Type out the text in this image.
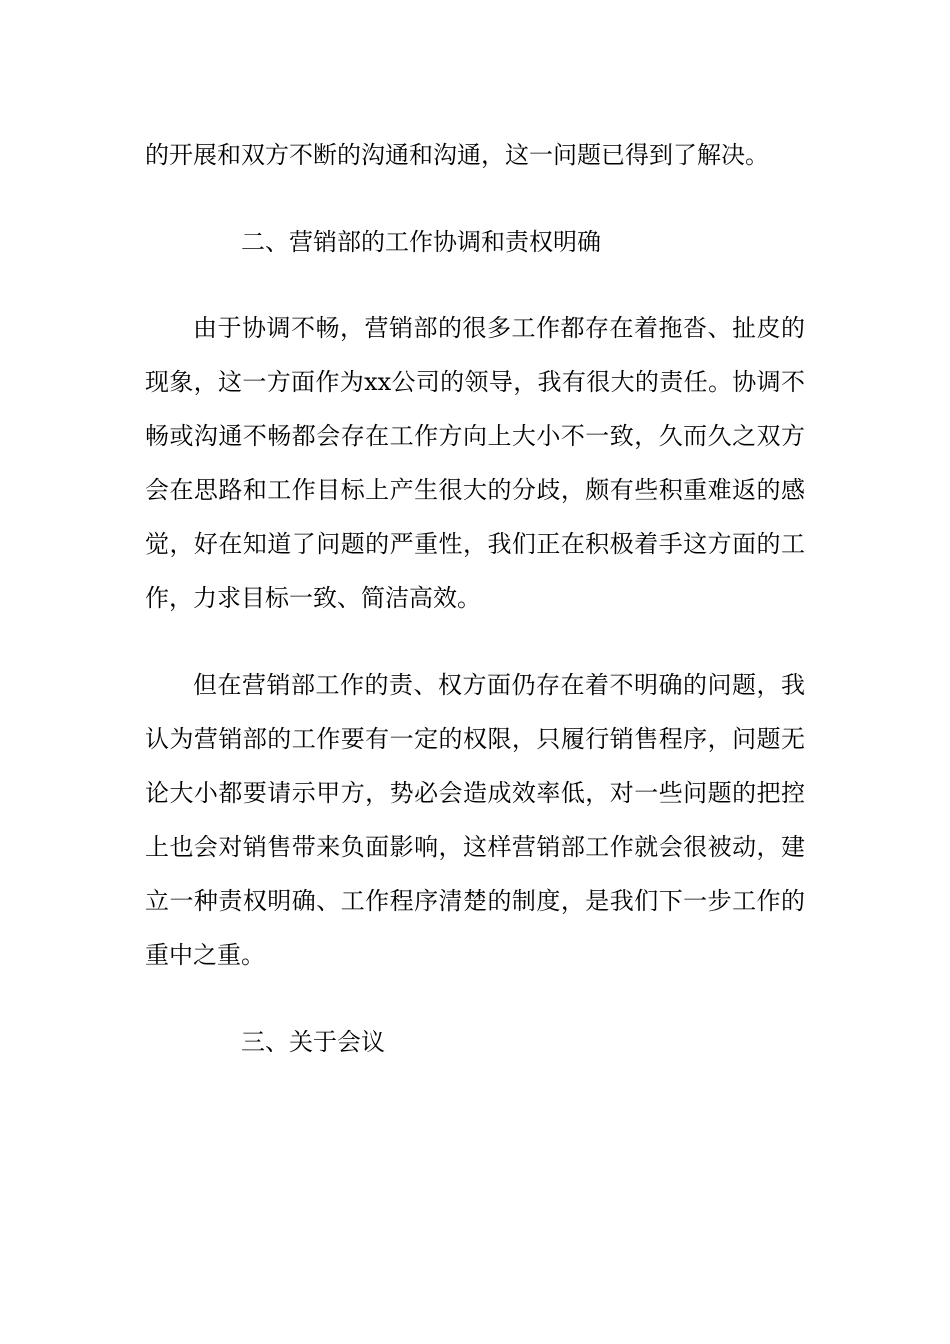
的开展和双方不断的沟通和沟通，这一问题已得到了解决。

二、营销部的工作协调和责权明确

由于协调不畅，营销部的很多工作都存在着拖沓、扯皮的现象，这一方面作为xx公司的领导，我有很大的责任。协调不畅或沟通不畅都会存在工作方向上大小不一致，久而久之双方会在思路和工作目标上产生很大的分歧，颇有些积重难返的感觉，好在知道了问题的严重性，我们正在积极着手这方面的工作，力求目标一致、简洁高效。

但在营销部工作的责、权方面仍存在着不明确的问题，我认为营销部的工作要有一定的权限，只履行销售程序，问题无论大小都要请示甲方，势必会造成效率低，对一些问题的把控上也会对销售带来负面影响，这样营销部工作就会很被动，建立一种责权明确、工作程序清楚的制度，是我们下一步工作的重中之重。

三、关于会议
